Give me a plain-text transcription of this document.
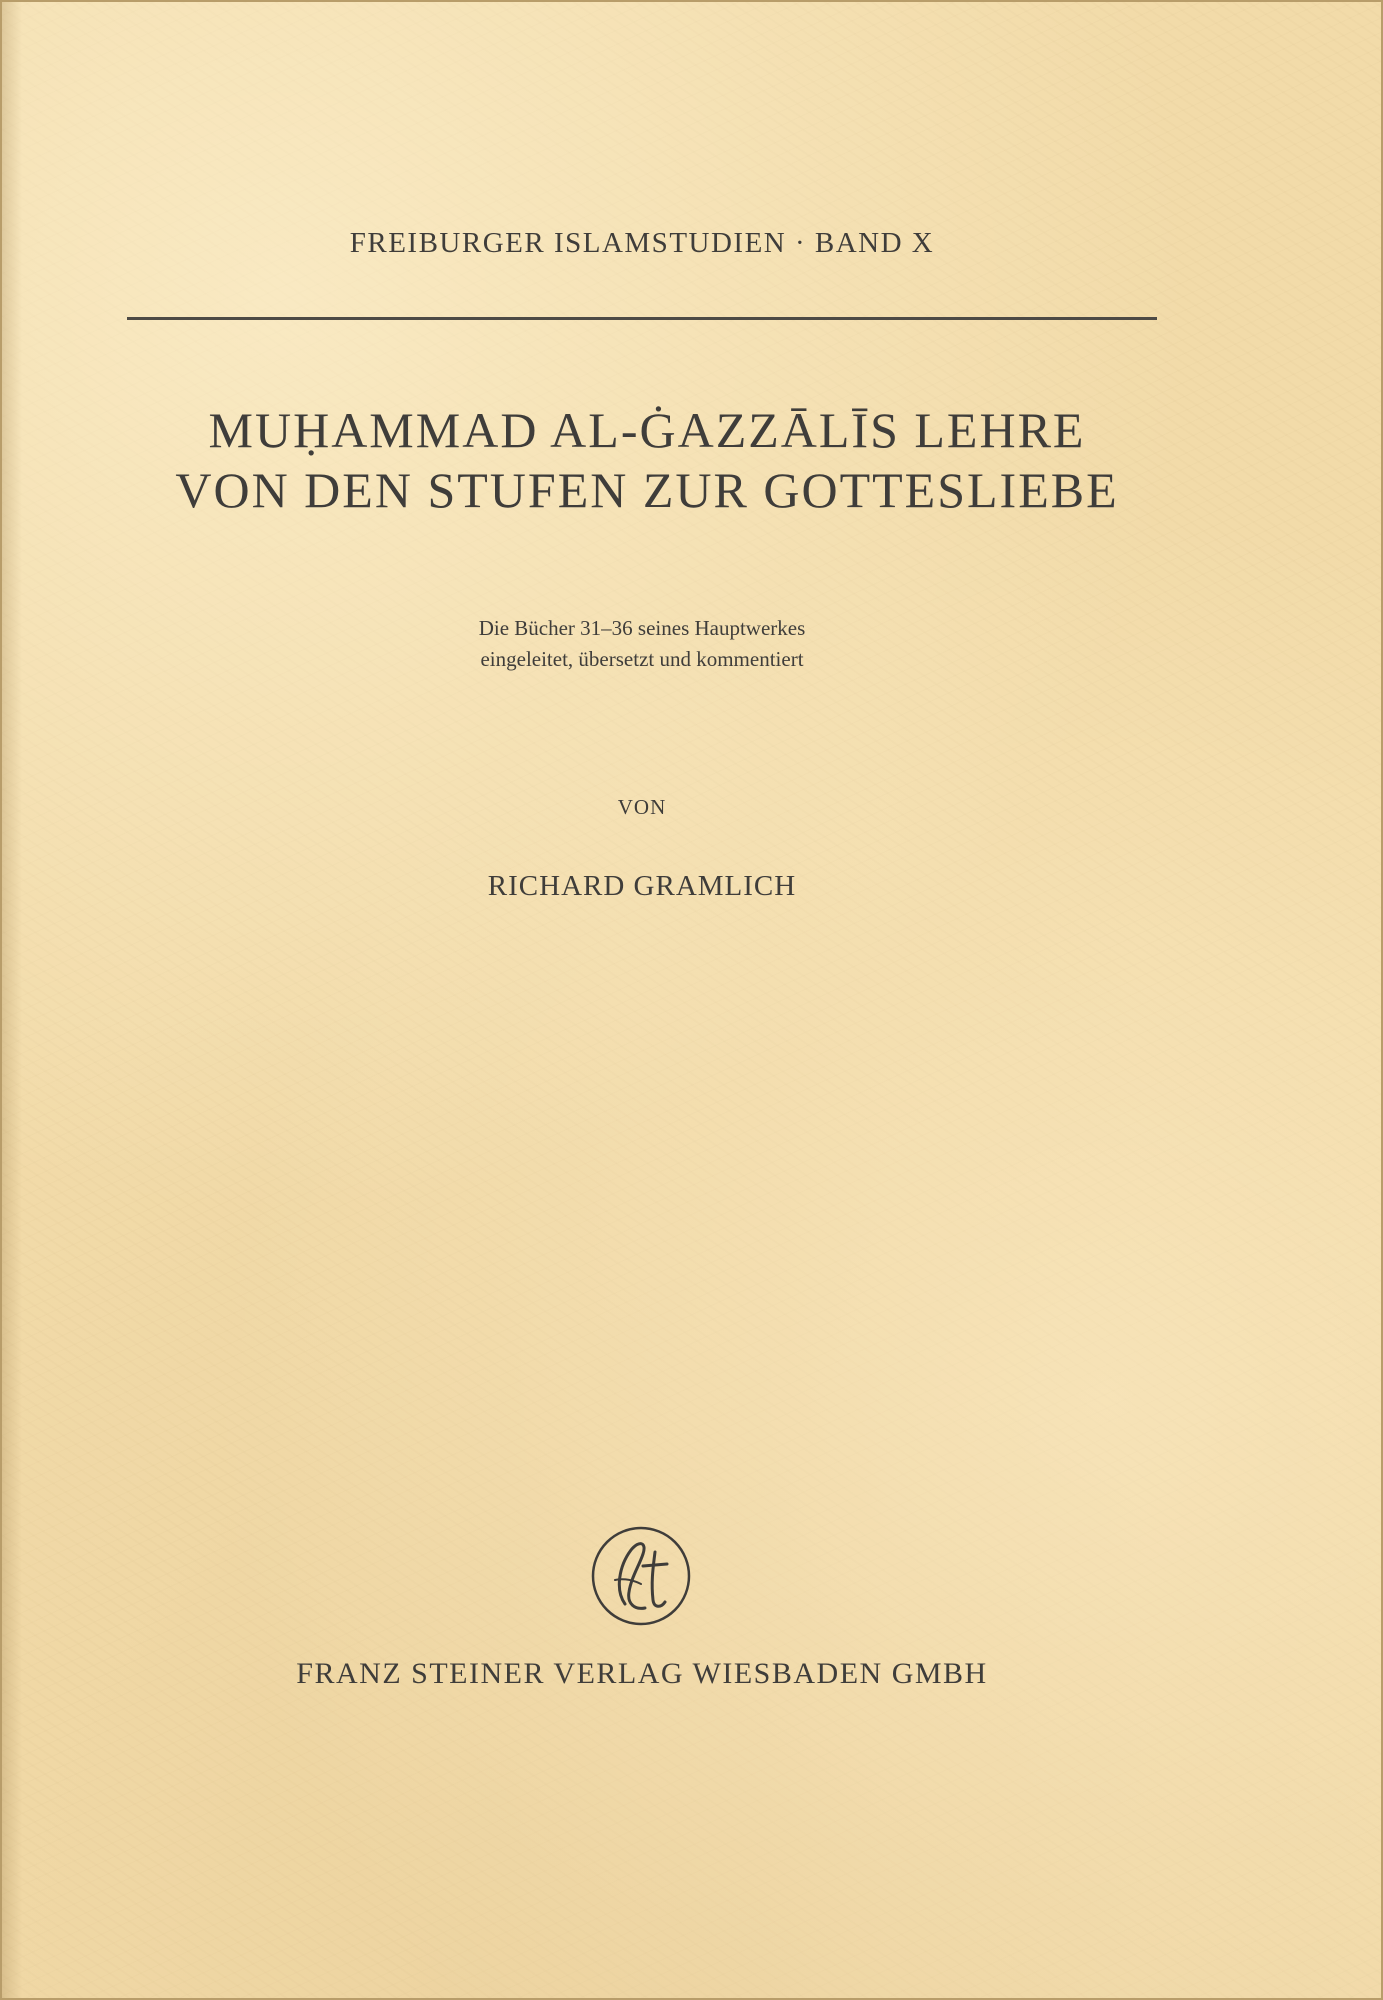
FREIBURGER ISLAMSTUDIEN · BAND X
MUḤAMMAD AL-ĠAZZĀLĪS LEHRE
VON DEN STUFEN ZUR GOTTESLIEBE
Die Bücher 31–36 seines Hauptwerkes
eingeleitet, übersetzt und kommentiert
VON
RICHARD GRAMLICH
FRANZ STEINER VERLAG WIESBADEN GMBH
